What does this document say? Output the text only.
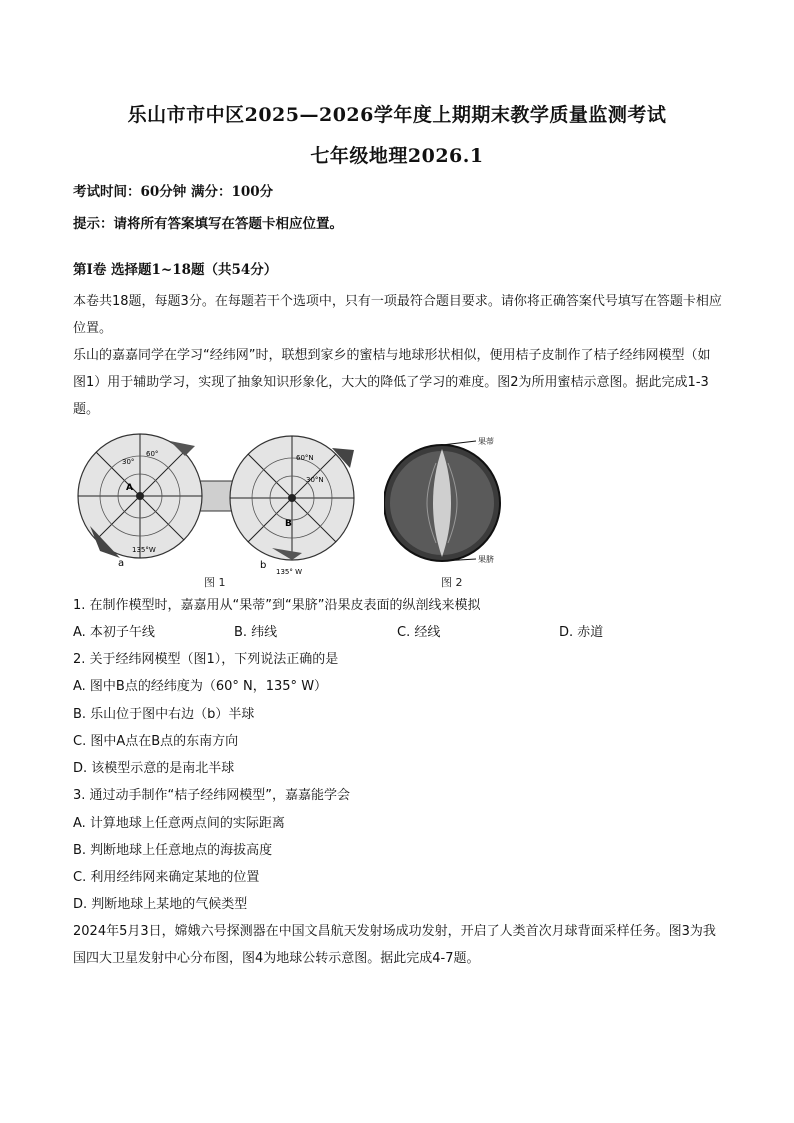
乐山市市中区2025—2026学年度上期期末教学质量监测考试
七年级地理2026.1
考试时间：60分钟 满分：100分
提示：请将所有答案填写在答题卡相应位置。
第Ⅰ卷 选择题1~18题（共54分）

本卷共18题，每题3分。在每题若干个选项中，只有一项最符合题目要求。请你将正确答案代号填写在答题卡相应位置。

乐山的嘉嘉同学在学习“经纬网”时，联想到家乡的蜜桔与地球形状相似，便用桔子皮制作了桔子经纬网模型（如图1）用于辅助学习，实现了抽象知识形象化，大大的降低了学习的难度。图2为所用蜜桔示意图。据此完成1-3题。

a	b
A
B
135°W
135° W
30°
60°
30°N
60°N
图 1
果蒂
果脐
图 2
1. 在制作模型时，嘉嘉用从“果蒂”到“果脐”沿果皮表面的纵剖线来模拟
A. 本初子午线	B. 纬线	C. 经线	D. 赤道
2. 关于经纬网模型（图1），下列说法正确的是
A. 图中B点的经纬度为（60° N，135° W）
B. 乐山位于图中右边（b）半球
C. 图中A点在B点的东南方向
D. 该模型示意的是南北半球
3. 通过动手制作“桔子经纬网模型”，嘉嘉能学会
A. 计算地球上任意两点间的实际距离
B. 判断地球上任意地点的海拔高度
C. 利用经纬网来确定某地的位置
D. 判断地球上某地的气候类型

2024年5月3日，嫦娥六号探测器在中国文昌航天发射场成功发射，开启了人类首次月球背面采样任务。图3为我国四大卫星发射中心分布图，图4为地球公转示意图。据此完成4-7题。
